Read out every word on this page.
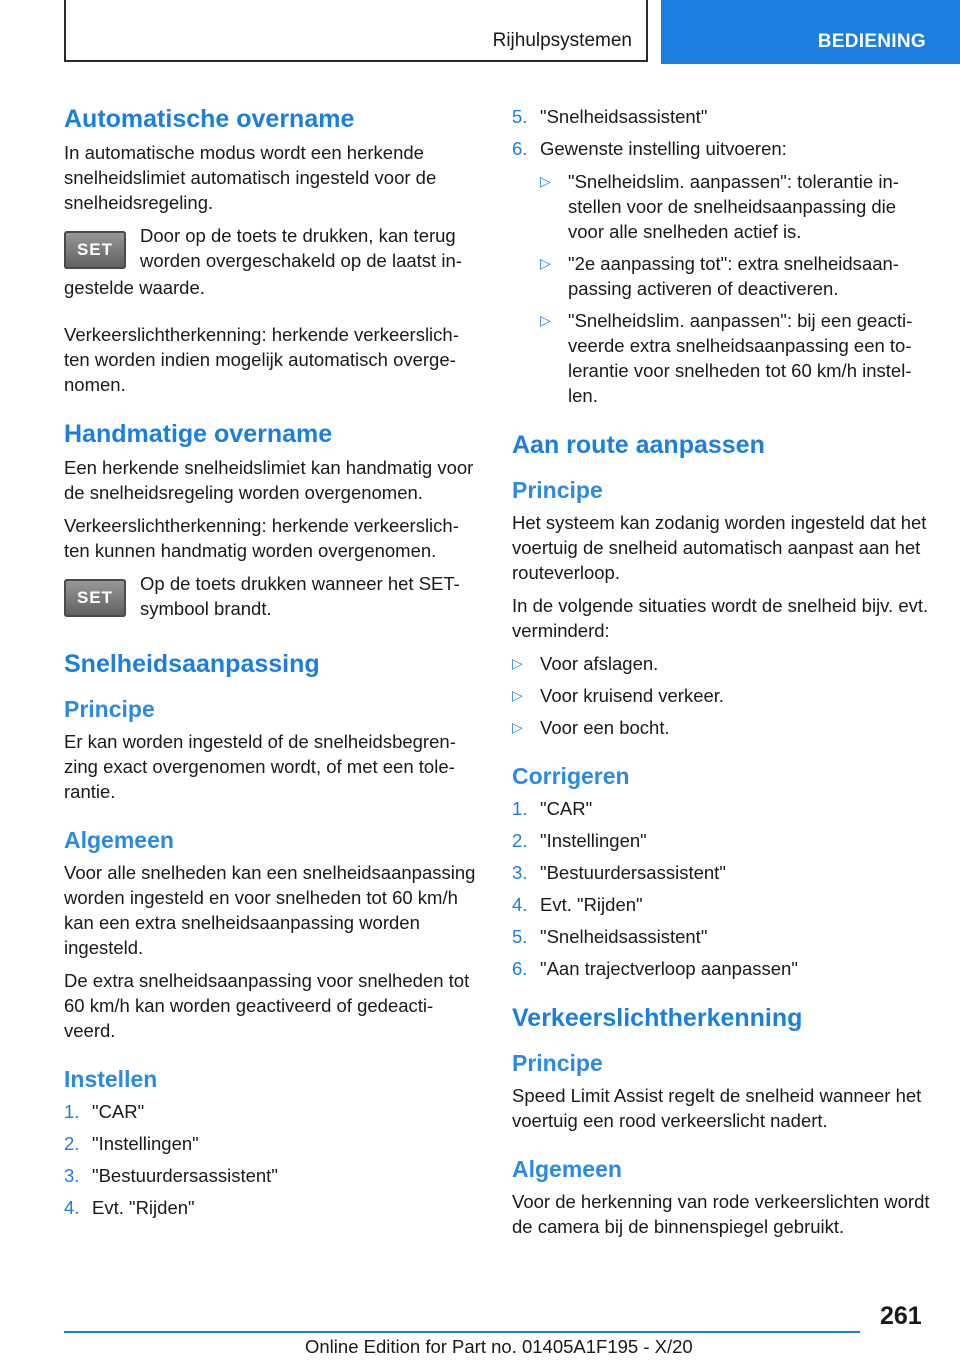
Rijhulpsystemen	BEDIENING
Automatische overname

In automatische modus wordt een herkende snelheidslimiet automatisch ingesteld voor de snelheidsregeling.

SET

Door op de toets te drukken, kan terug worden overgeschakeld op de laatst in-

gestelde waarde.

Verkeerslichtherkenning: herkende verkeerslichten worden indien mogelijk automatisch overgenomen.

Handmatige overname

Een herkende snelheidslimiet kan handmatig voor de snelheidsregeling worden overgenomen.

Verkeerslichtherkenning: herkende verkeerslichten kunnen handmatig worden overgenomen.

SET

Op de toets drukken wanneer het SET-symbool brandt.

Snelheidsaanpassing
Principe

Er kan worden ingesteld of de snelheidsbegrenzing exact overgenomen wordt, of met een tolerantie.

Algemeen

Voor alle snelheden kan een snelheidsaanpassing worden ingesteld en voor snelheden tot 60 km/h kan een extra snelheidsaanpassing worden ingesteld.

De extra snelheidsaanpassing voor snelheden tot 60 km/h kan worden geactiveerd of gedeactiveerd.

Instellen
1. "CAR"
2. "Instellingen"
3. "Bestuurdersassistent"
4. Evt. "Rijden"
5. "Snelheidsassistent"
6. Gewenste instelling uitvoeren:
▷ "Snelheidslim. aanpassen": tolerantie instellen voor de snelheidsaanpassing die voor alle snelheden actief is.
▷ "2e aanpassing tot": extra snelheidsaanpassing activeren of deactiveren.
▷ "Snelheidslim. aanpassen": bij een geactiveerde extra snelheidsaanpassing een tolerantie voor snelheden tot 60 km/h instellen.
Aan route aanpassen
Principe

Het systeem kan zodanig worden ingesteld dat het voertuig de snelheid automatisch aanpast aan het routeverloop.

In de volgende situaties wordt de snelheid bijv. evt. verminderd:

▷ Voor afslagen.
▷ Voor kruisend verkeer.
▷ Voor een bocht.
Corrigeren
1. "CAR"
2. "Instellingen"
3. "Bestuurdersassistent"
4. Evt. "Rijden"
5. "Snelheidsassistent"
6. "Aan trajectverloop aanpassen"
Verkeerslichtherkenning
Principe

Speed Limit Assist regelt de snelheid wanneer het voertuig een rood verkeerslicht nadert.

Algemeen

Voor de herkenning van rode verkeerslichten wordt de camera bij de binnenspiegel gebruikt.

261
Online Edition for Part no. 01405A1F195 - X/20
